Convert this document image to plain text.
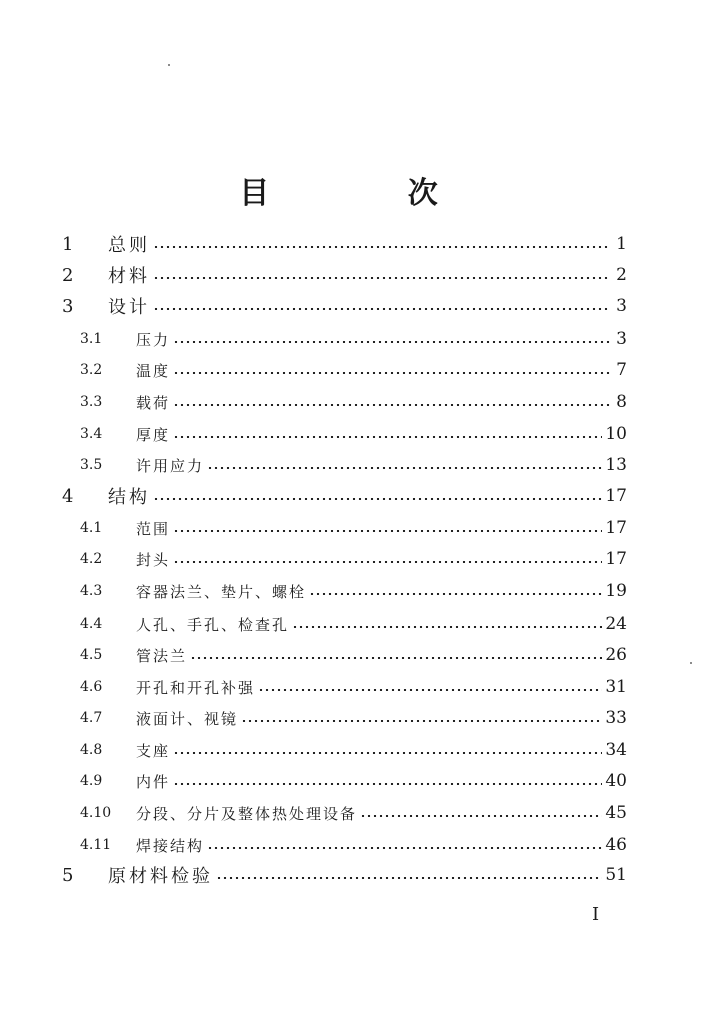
目 次
1	总则	1
2	材料	2
3	设计	3
3.1	压力	3
3.2	温度	7
3.3	载荷	8
3.4	厚度	10
3.5	许用应力	13
4	结构	17
4.1	范围	17
4.2	封头	17
4.3	容器法兰、垫片、螺栓	19
4.4	人孔、手孔、检查孔	24
4.5	管法兰	26
4.6	开孔和开孔补强	31
4.7	液面计、视镜	33
4.8	支座	34
4.9	内件	40
4.10	分段、分片及整体热处理设备	45
4.11	焊接结构	46
5	原材料检验	51
I
